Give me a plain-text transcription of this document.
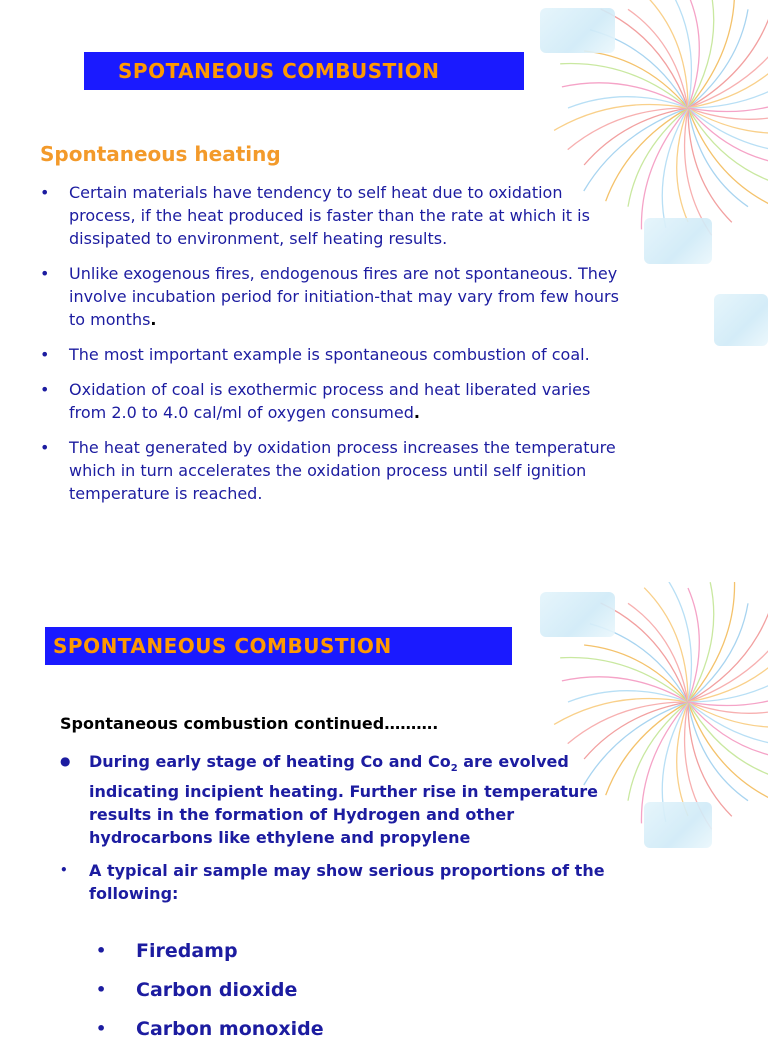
SPOTANEOUS COMBUSTION
Spontaneous heating
• Certain materials have tendency to self heat due to oxidation process, if the heat produced is faster than the rate at which it is dissipated to environment, self heating results.
• Unlike exogenous fires, endogenous fires are not spontaneous. They involve incubation period for initiation-that may vary from few hours to months.
• The most important example is spontaneous combustion of coal.
• Oxidation of coal is exothermic process and heat liberated varies from 2.0 to 4.0 cal/ml of oxygen consumed.
• The heat generated by oxidation process increases the temperature which in turn accelerates the oxidation process until self ignition temperature is reached.
SPONTANEOUS COMBUSTION
Spontaneous combustion continued……….
● During early stage of heating Co and $Co_2$ are evolved indicating incipient heating. Further rise in temperature results in the formation of Hydrogen and other hydrocarbons like ethylene and propylene
• A typical air sample may show serious proportions of the following:
• Firedamp
• Carbon dioxide
• Carbon monoxide
